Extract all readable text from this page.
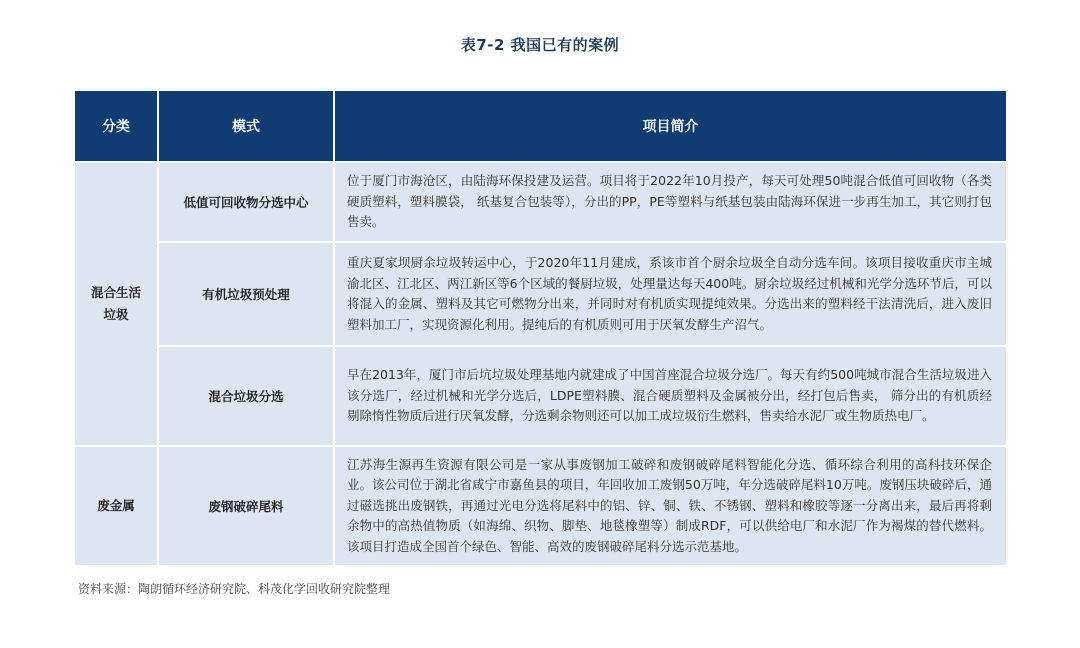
表7-2 我国已有的案例
分类	模式	项目简介
混合生活垃圾	低值可回收物分选中心	位于厦门市海沧区，由陆海环保投建及运营。项目将于2022年10月投产，每天可处理50吨混合低值可回收物（各类硬质塑料，塑料膜袋， 纸基复合包装等），分出的PP，PE等塑料与纸基包装由陆海环保进一步再生加工，其它则打包售卖。
	有机垃圾预处理	重庆夏家坝厨余垃圾转运中心，于2020年11月建成，系该市首个厨余垃圾全自动分选车间。该项目接收重庆市主城渝北区、江北区、两江新区等6个区域的餐厨垃圾，处理量达每天400吨。厨余垃圾经过机械和光学分选环节后，可以将混入的金属、塑料及其它可燃物分出来，并同时对有机质实现提纯效果。分选出来的塑料经干法清洗后，进入废旧塑料加工厂，实现资源化利用。提纯后的有机质则可用于厌氧发酵生产沼气。
	混合垃圾分选	早在2013年，厦门市后坑垃圾处理基地内就建成了中国首座混合垃圾分选厂。每天有约500吨城市混合生活垃圾进入该分选厂，经过机械和光学分选后，LDPE塑料膜、混合硬质塑料及金属被分出，经打包后售卖， 筛分出的有机质经剔除惰性物质后进行厌氧发酵，分选剩余物则还可以加工成垃圾衍生燃料，售卖给水泥厂或生物质热电厂。
废金属	废钢破碎尾料	江苏海生源再生资源有限公司是一家从事废钢加工破碎和废钢破碎尾料智能化分选、循环综合利用的高科技环保企业。该公司位于湖北省咸宁市嘉鱼县的项目，年回收加工废钢50万吨，年分选破碎尾料10万吨。废钢压块破碎后，通过磁选挑出废钢铁，再通过光电分选将尾料中的铝、锌、铜、铁、不锈钢、塑料和橡胶等逐一分离出来，最后再将剩余物中的高热值物质（如海绵、织物、脚垫、地毯橡塑等）制成RDF，可以供给电厂和水泥厂作为褐煤的替代燃料。该项目打造成全国首个绿色、智能、高效的废钢破碎尾料分选示范基地。
资料来源：陶朗循环经济研究院、科茂化学回收研究院整理
